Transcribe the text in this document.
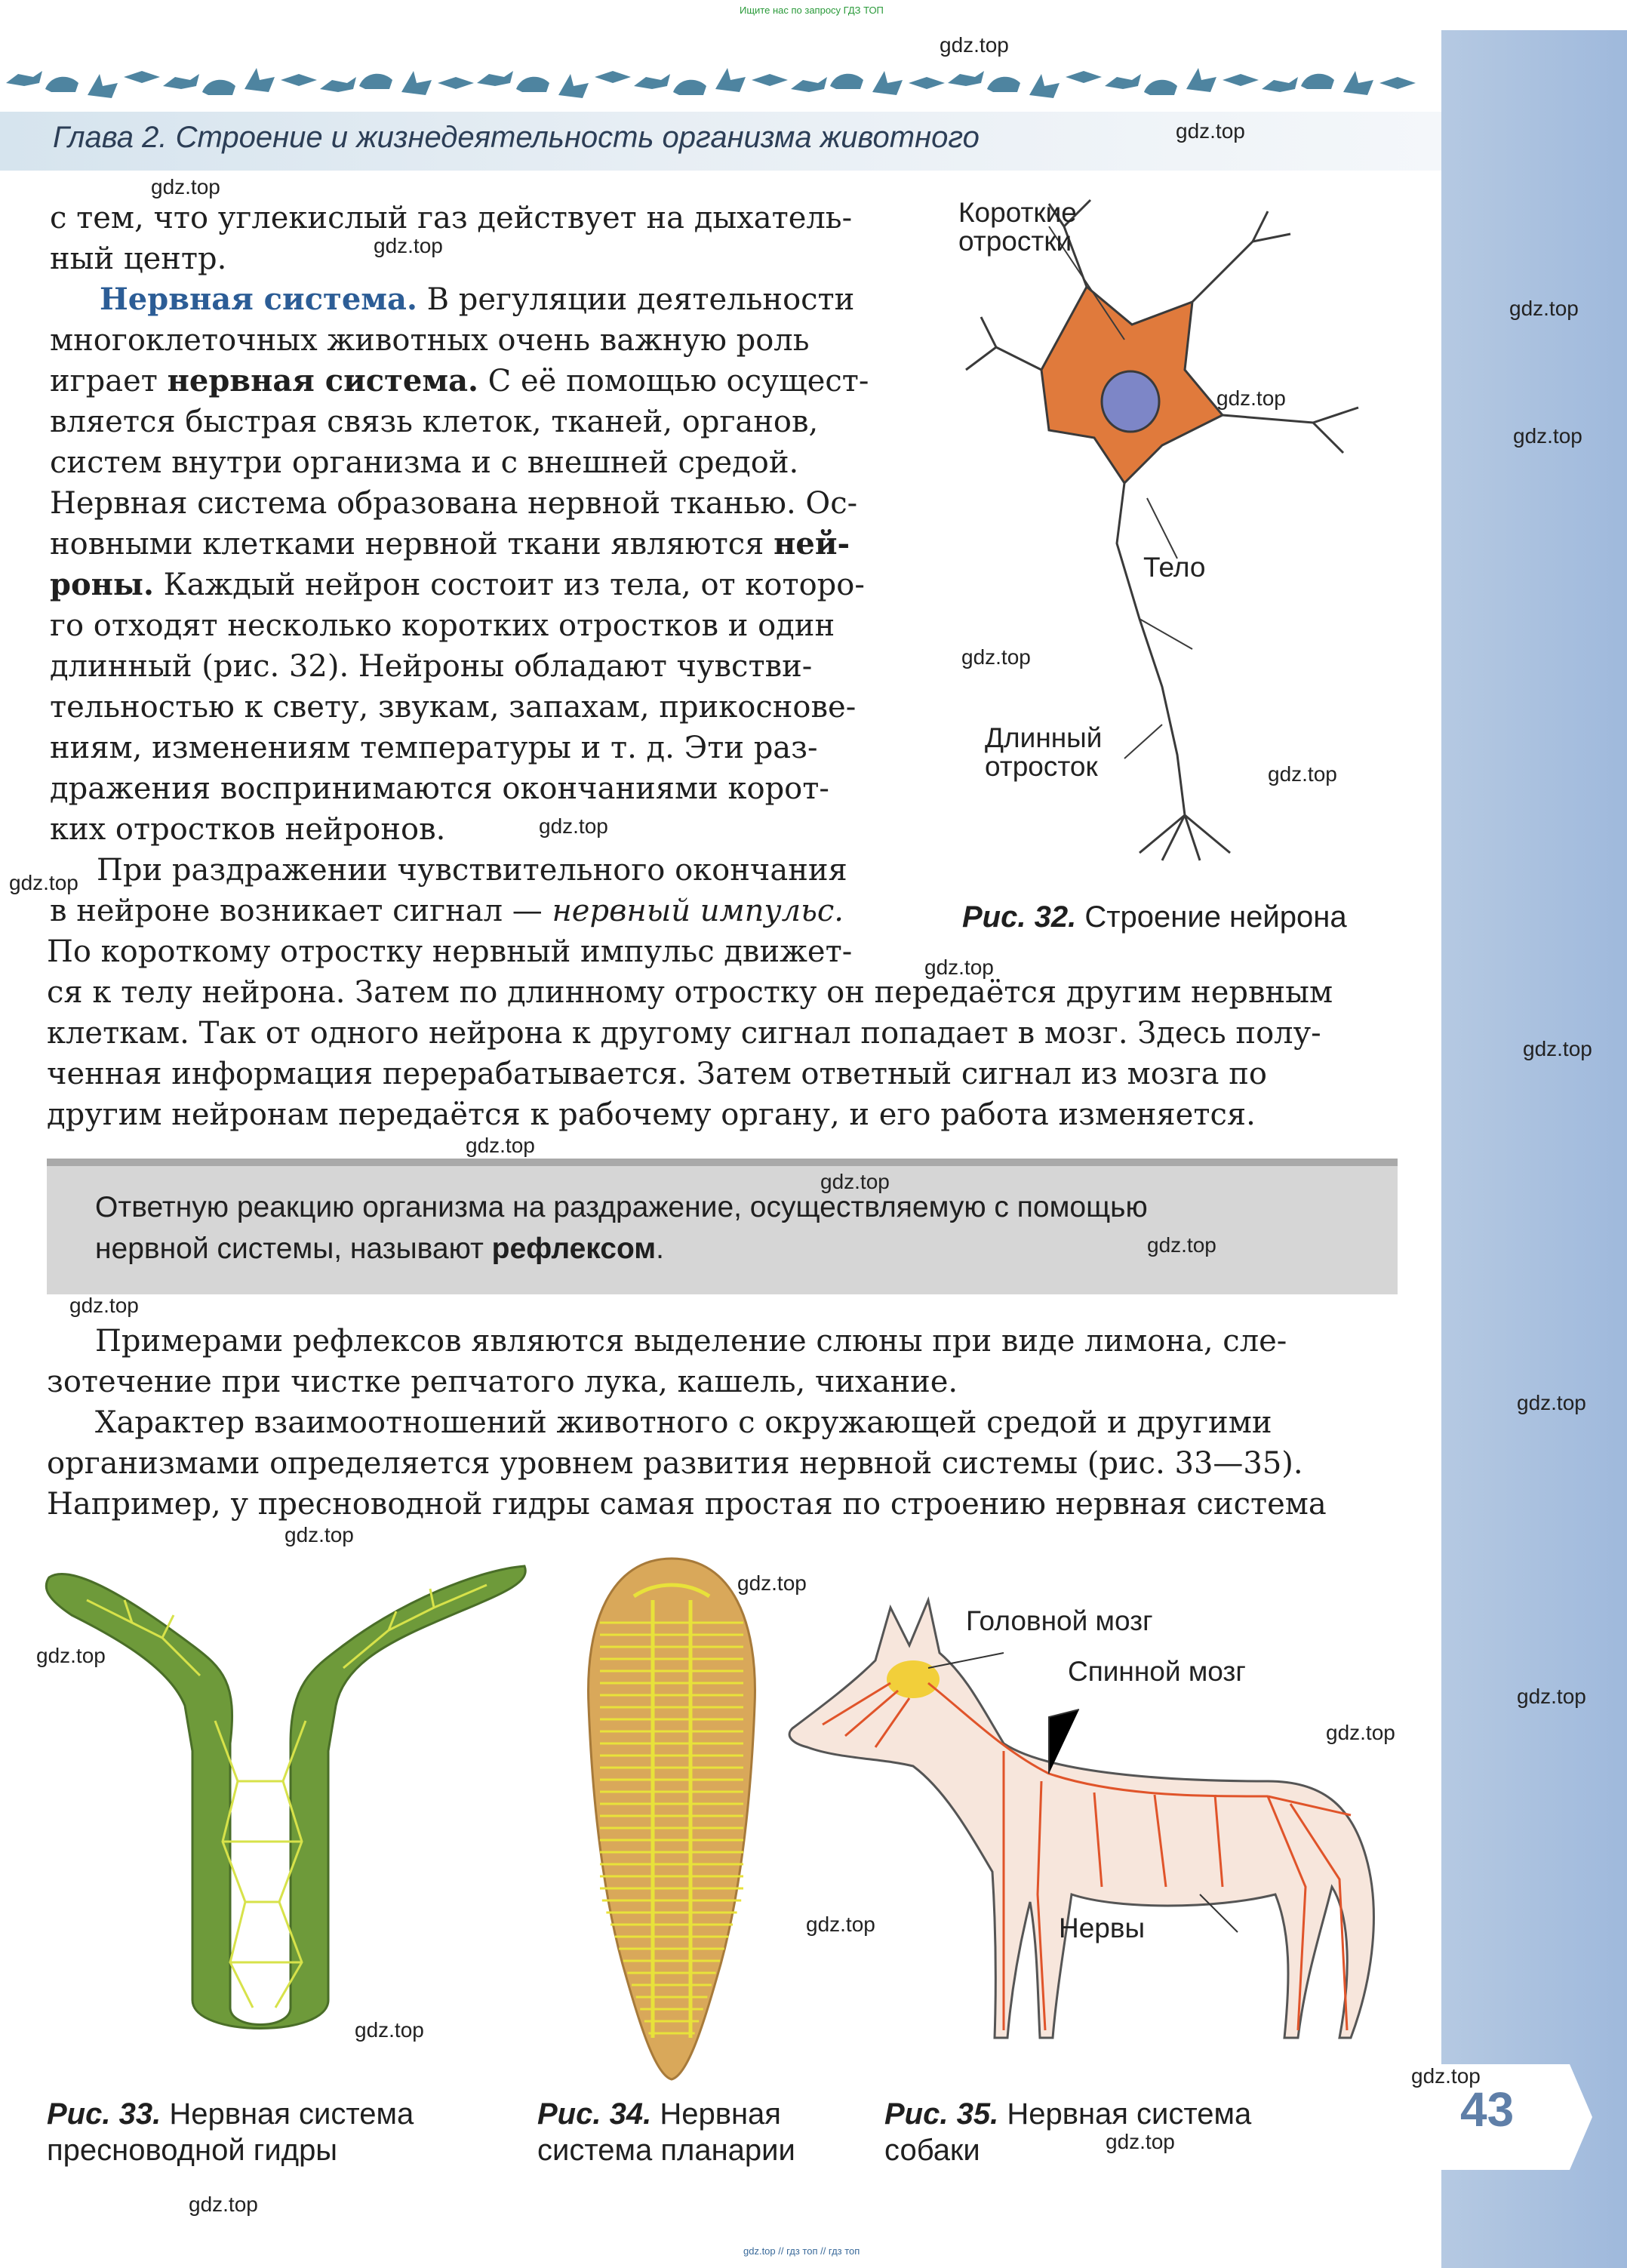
Ищите нас по запросу ГДЗ ТОП
Глава 2. Строение и жизнедеятельность организма животного
43
с тем, что углекислый газ действует на дыхатель-
ный центр.
Нервная система. В регуляции деятельности
многоклеточных животных очень важную роль
играет нервная система. С её помощью осущест-
вляется быстрая связь клеток, тканей, органов,
систем внутри организма и с внешней средой.
Нервная система образована нервной тканью. Ос-
новными клетками нервной ткани являются ней-
роны. Каждый нейрон состоит из тела, от которо-
го отходят несколько коротких отростков и один
длинный (рис. 32). Нейроны обладают чувстви-
тельностью к свету, звукам, запахам, прикоснове-
ниям, изменениям температуры и т. д. Эти раз-
дражения воспринимаются окончаниями корот-
ких отростков нейронов.
При раздражении чувствительного окончания
в нейроне возникает сигнал — нервный импульс.
По короткому отростку нервный импульс движет-
ся к телу нейрона. Затем по длинному отростку он передаётся другим нервным
клеткам. Так от одного нейрона к другому сигнал попадает в мозг. Здесь полу-
ченная информация перерабатывается. Затем ответный сигнал из мозга по
другим нейронам передаётся к рабочему органу, и его работа изменяется.
Ответную реакцию организма на раздражение, осуществляемую с помощью
нервной системы, называют рефлексом.
Примерами рефлексов являются выделение слюны при виде лимона, сле-
зотечение при чистке репчатого лука, кашель, чихание.
Характер взаимоотношений животного с окружающей средой и другими
организмами определяется уровнем развития нервной системы (рис. 33—35).
Например, у пресноводной гидры самая простая по строению нервная система
Короткие
отростки
Тело
Длинный
отросток
Рис. 32. Строение нейрона
Рис. 33. Нервная система
пресноводной гидры
Рис. 34. Нервная
система планарии
Головной мозг
Спинной мозг
Нервы
Рис. 35. Нервная система
собаки
gdz.top
gdz.top
gdz.top
gdz.top
gdz.top
gdz.top
gdz.top
gdz.top
gdz.top
gdz.top
gdz.top
gdz.top
gdz.top
gdz.top
gdz.top
gdz.top
gdz.top
gdz.top
gdz.top
gdz.top
gdz.top
gdz.top
gdz.top
gdz.top
gdz.top
gdz.top
gdz.top
gdz.top
gdz.top // гдз топ // гдз топ
